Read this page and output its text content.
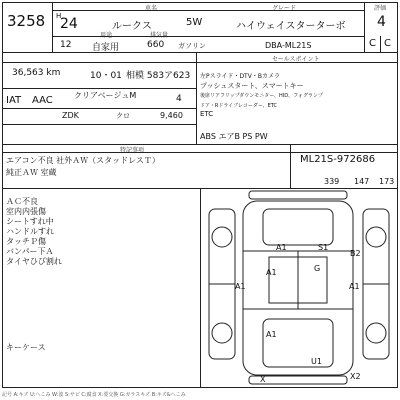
3258
車名	グレード	評価
H
24	ルークス	5W	ハイウェイスターターボ 4
12
用途
自家用
排気量
660 ガソリン	DBA-ML21S	C C
セールスポイント
36,563 km	10・01 相模 583ア623
IAT AAC	クリアベージュM	4
ZDK	クロ	9,460
左Pスライド・DTV・Bカメラ
プッシュスタート、スマートキー
後席リアフリップダウンモニター、HID、フォグランプ
ドア・Rドライブレコーダー、ETC
ETC
ABS エアB PS PW
特記事項
エアコン不良 社外ＡＷ（スタッドレスＴ）
純正ＡＷ 室蔵
ML21S-972686
339 147 173
ＡＣ不良
室内内張傷
シートすれ中
ハンドルすれ
タッチＰ傷
バンパー下Ａ
タイヤひび割れ
キーケース
A1	S1
B2
A1	G
A1	A1
A1
U1
X2
X
記号 A:キズ U:へこみ W:波 S:サビ C:腐食 X:要交換 G:ガラスキズ B:キズ&へこみ
